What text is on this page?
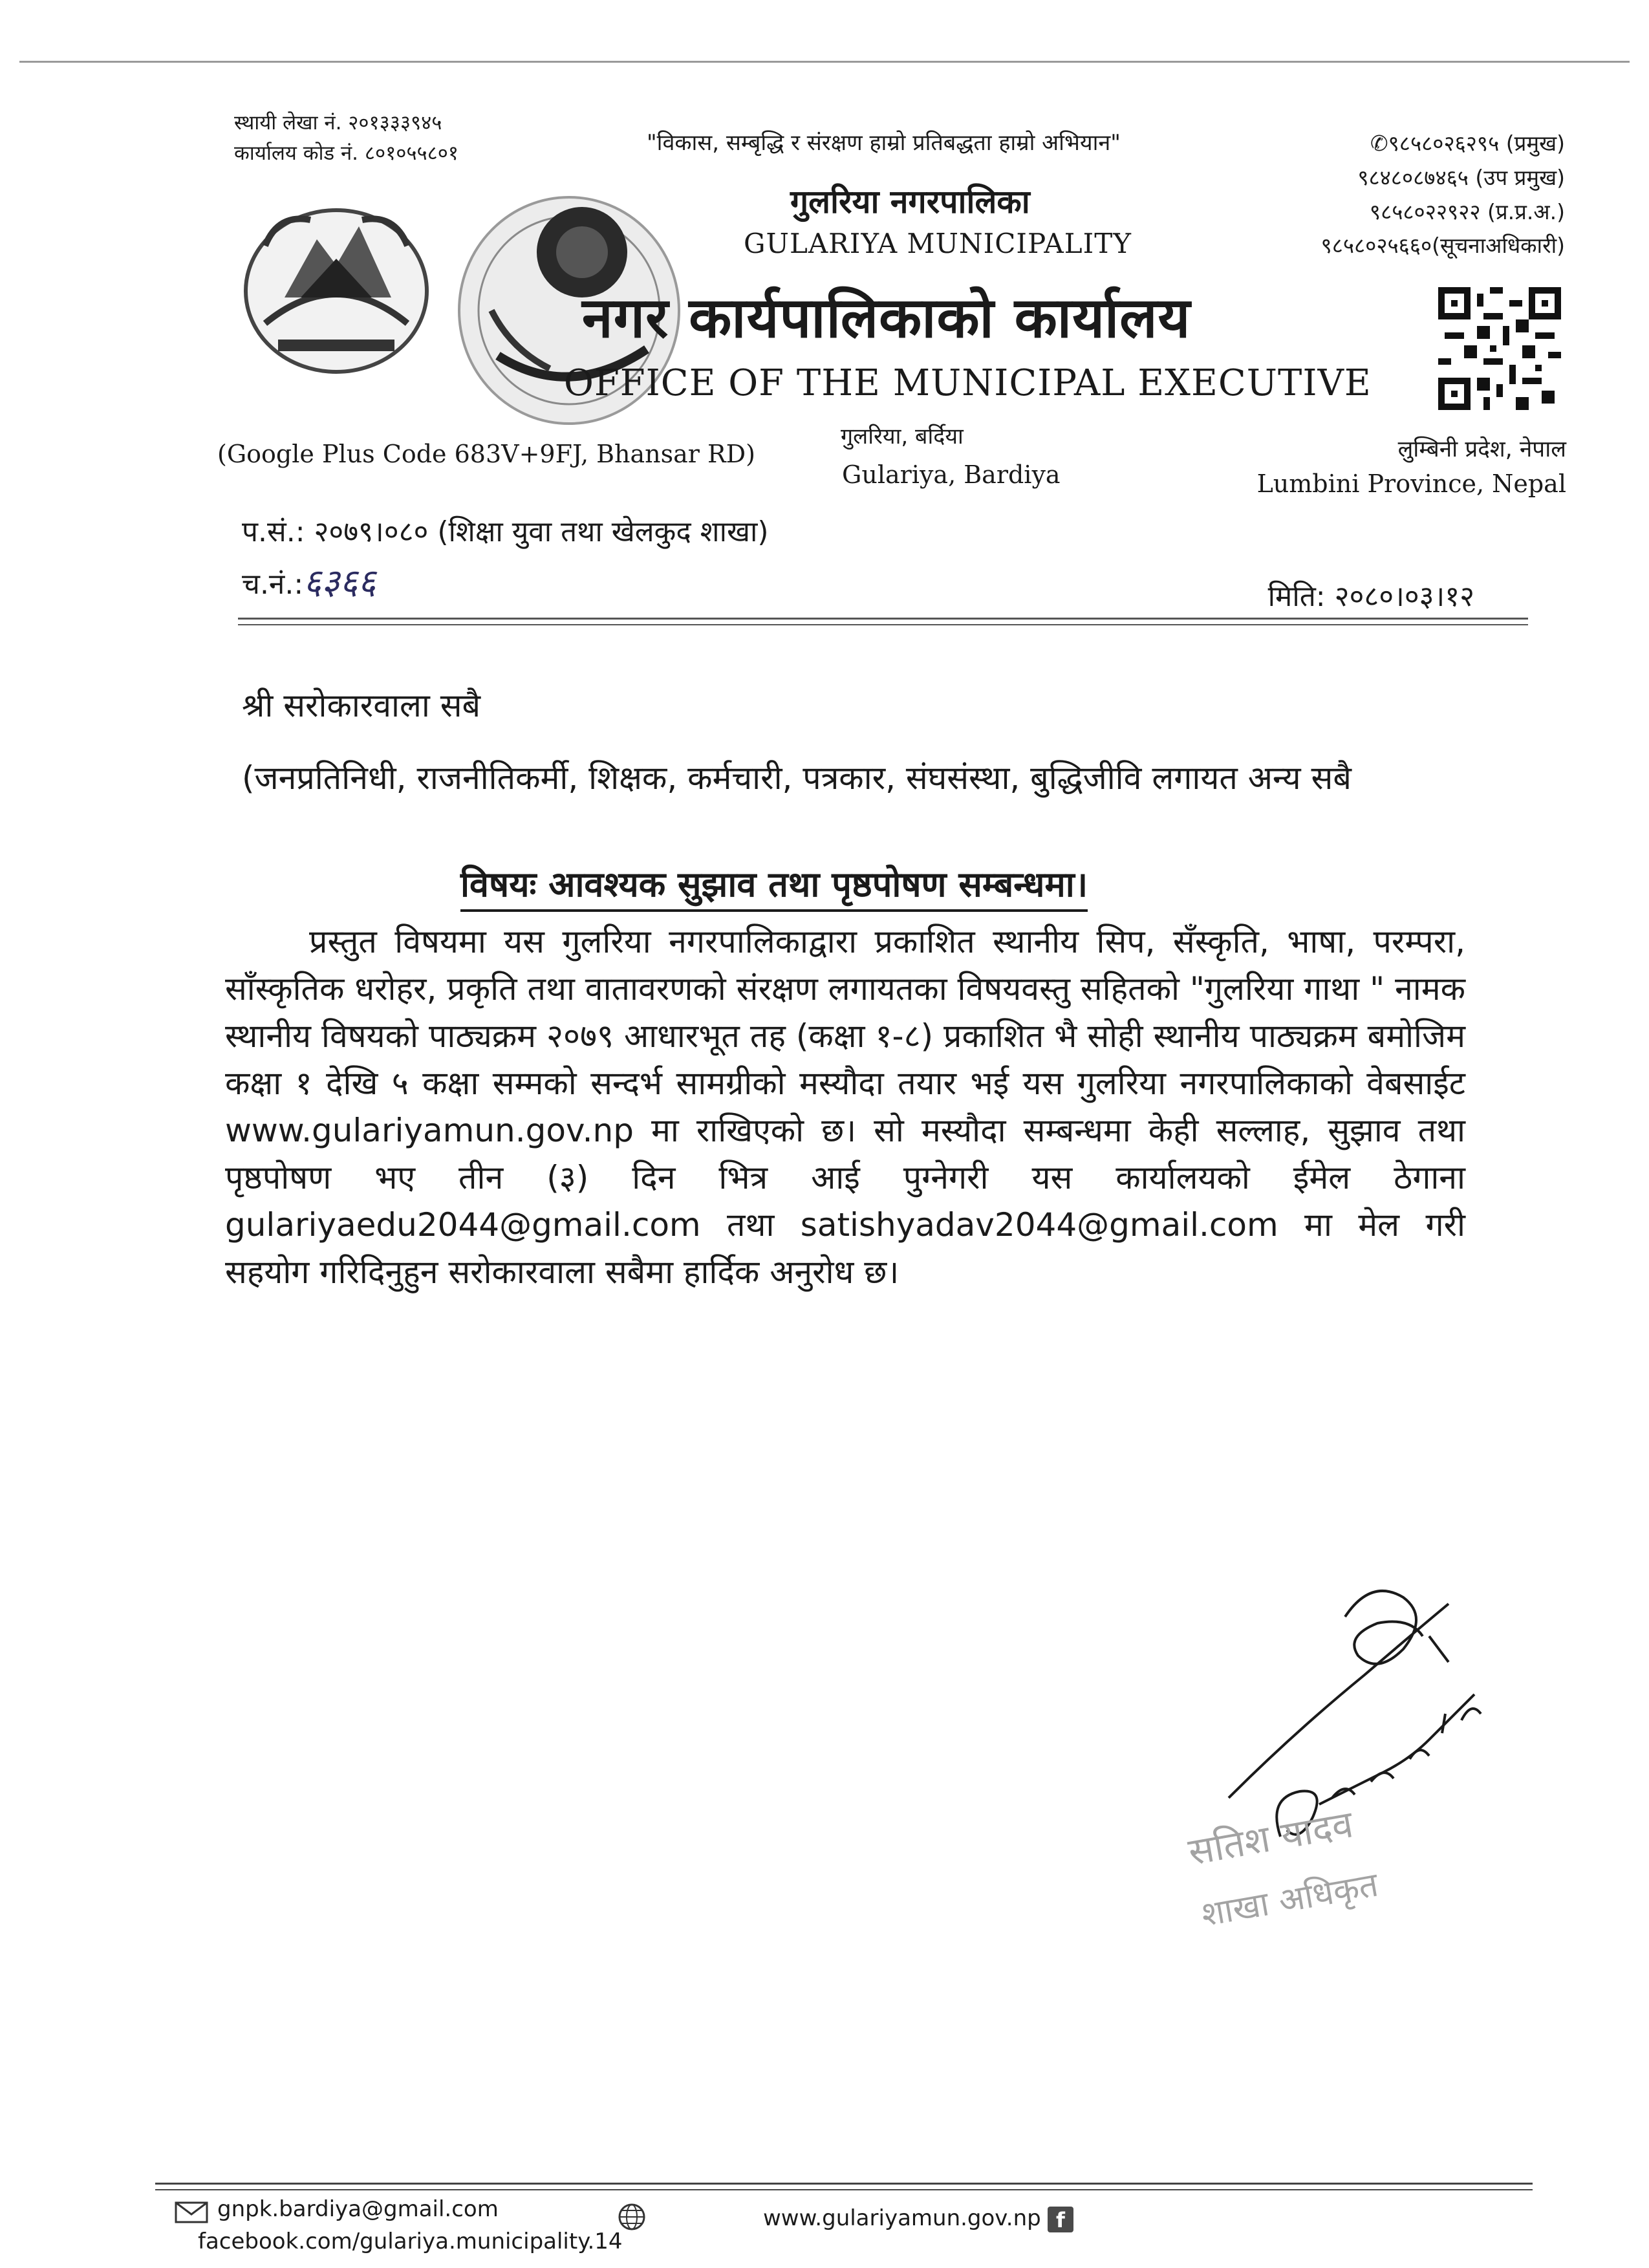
स्थायी लेखा नं. २०१३३३९४५
कार्यालय कोड नं. ८०१०५५८०१	"विकास, सम्बृद्धि र संरक्षण हाम्रो प्रतिबद्धता हाम्रो अभियान"	✆९८५८०२६२९५ (प्रमुख)
९८४८०८७४६५ (उप प्रमुख)
९८५८०२२९२२ (प्र.प्र.अ.)
९८५८०२५६६०(सूचनाअधिकारी)
गुलरिया नगरपालिका
GULARIYA MUNICIPALITY
नगर कार्यपालिकाको कार्यालय
OFFICE OF THE MUNICIPAL EXECUTIVE
(Google Plus Code 683V+9FJ, Bhansar RD)
गुलरिया, बर्दिया
Gulariya, Bardiya
लुम्बिनी प्रदेश, नेपाल
Lumbini Province, Nepal
प.सं.: २०७९।०८० (शिक्षा युवा तथा खेलकुद शाखा)
च.नं.:६३६६	मिति: २०८०।०३।१२
श्री सरोकारवाला सबै
(जनप्रतिनिधी, राजनीतिकर्मी, शिक्षक, कर्मचारी, पत्रकार, संघसंस्था, बुद्धिजीवि लगायत अन्य सबै
विषयः आवश्यक सुझाव तथा पृष्ठपोषण सम्बन्धमा।
प्रस्तुत विषयमा यस गुलरिया नगरपालिकाद्वारा प्रकाशित स्थानीय सिप, सँस्कृति, भाषा, परम्परा, साँस्कृतिक धरोहर, प्रकृति तथा वातावरणको संरक्षण लगायतका विषयवस्तु सहितको "गुलरिया गाथा " नामक स्थानीय विषयको पाठ्यक्रम २०७९ आधारभूत तह (कक्षा १-८) प्रकाशित भै सोही स्थानीय पाठ्यक्रम बमोजिम कक्षा १ देखि ५ कक्षा सम्मको सन्दर्भ सामग्रीको मस्यौदा तयार भई यस गुलरिया नगरपालिकाको वेबसाईट www.gulariyamun.gov.np मा राखिएको छ। सो मस्यौदा सम्बन्धमा केही सल्लाह, सुझाव तथा पृष्ठपोषण भए तीन (३) दिन भित्र आई पुग्नेगरी यस कार्यालयको ईमेल ठेगाना gulariyaedu2044@gmail.com तथा satishyadav2044@gmail.com मा मेल गरी सहयोग गरिदिनुहुन सरोकारवाला सबैमा हार्दिक अनुरोध छ।
सतिश यादव
शाखा अधिकृत
gnpk.bardiya@gmail.com
facebook.com/gulariya.municipality.14
www.gulariyamun.gov.np f
